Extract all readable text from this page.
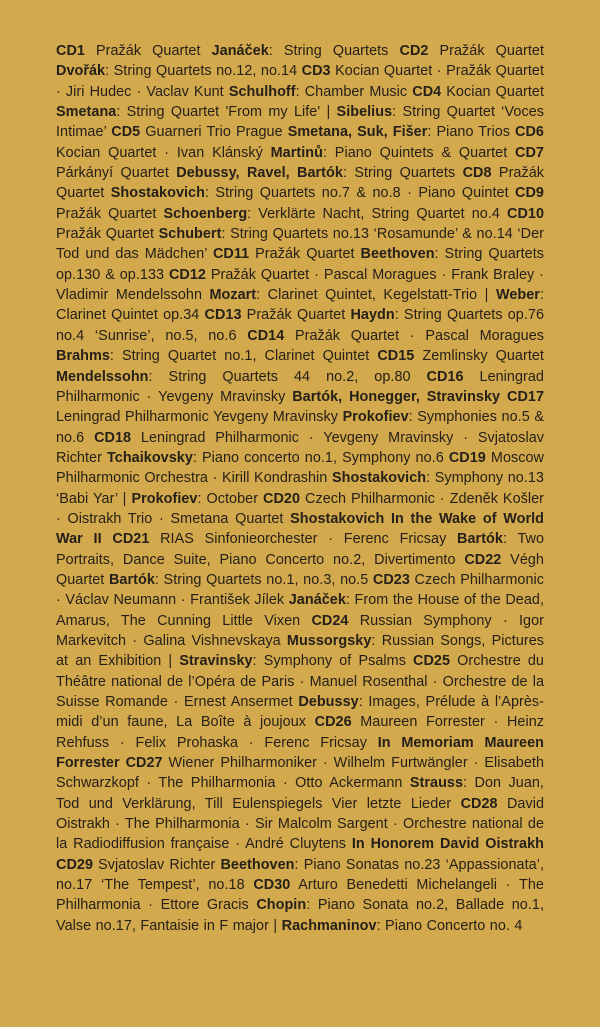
CD1 Pražák Quartet Janáček: String Quartets CD2 Pražák Quartet Dvořák: String Quartets no.12, no.14 CD3 Kocian Quartet · Pražák Quartet · Jiri Hudec · Vaclav Kunt Schulhoff: Chamber Music CD4 Kocian Quartet Smetana: String Quartet 'From my Life' | Sibelius: String Quartet ‘Voces Intimae’ CD5 Guarneri Trio Prague Smetana, Suk, Fišer: Piano Trios CD6 Kocian Quartet · Ivan Klánský Martinů: Piano Quintets & Quartet CD7 Párkányí Quartet Debussy, Ravel, Bartók: String Quartets CD8 Pražák Quartet Shostakovich: String Quartets no.7 & no.8 · Piano Quintet CD9 Pražák Quartet Schoenberg: Verklärte Nacht, String Quartet no.4 CD10 Pražák Quartet Schubert: String Quartets no.13 ‘Rosamunde’ & no.14 ‘Der Tod und das Mädchen’ CD11 Pražák Quartet Beethoven: String Quartets op.130 & op.133 CD12 Pražák Quartet · Pascal Moragues · Frank Braley · Vladimir Mendelssohn Mozart: Clarinet Quintet, Kegelstatt-Trio | Weber: Clarinet Quintet op.34 CD13 Pražák Quartet Haydn: String Quartets op.76 no.4 ‘Sunrise’, no.5, no.6 CD14 Pražák Quartet · Pascal Moragues Brahms: String Quartet no.1, Clarinet Quintet CD15 Zemlinsky Quartet Mendelssohn: String Quartets 44 no.2, op.80 CD16 Leningrad Philharmonic · Yevgeny Mravinsky Bartók, Honegger, Stravinsky CD17 Leningrad Philharmonic Yevgeny Mravinsky Prokofiev: Symphonies no.5 & no.6 CD18 Leningrad Philharmonic · Yevgeny Mravinsky · Svjatoslav Richter Tchaikovsky: Piano concerto no.1, Symphony no.6 CD19 Moscow Philharmonic Orchestra · Kirill Kondrashin Shostakovich: Symphony no.13 ‘Babi Yar’ | Prokofiev: October CD20 Czech Philharmonic · Zdeněk Košler · Oistrakh Trio · Smetana Quartet Shostakovich In the Wake of World War II CD21 RIAS Sinfonieorchester · Ferenc Fricsay Bartók: Two Portraits, Dance Suite, Piano Concerto no.2, Divertimento CD22 Végh Quartet Bartók: String Quartets no.1, no.3, no.5 CD23 Czech Philharmonic · Václav Neumann · František Jílek Janáček: From the House of the Dead, Amarus, The Cunning Little Vixen CD24 Russian Symphony · Igor Markevitch · Galina Vishnevskaya Mussorgsky: Russian Songs, Pictures at an Exhibition | Stravinsky: Symphony of Psalms CD25 Orchestre du Théâtre national de l’Opéra de Paris · Manuel Rosenthal · Orchestre de la Suisse Romande · Ernest Ansermet Debussy: Images, Prélude à l’Après-midi d’un faune, La Boîte à joujoux CD26 Maureen Forrester · Heinz Rehfuss · Felix Prohaska · Ferenc Fricsay In Memoriam Maureen Forrester CD27 Wiener Philharmoniker · Wilhelm Furtwängler · Elisabeth Schwarzkopf · The Philharmonia · Otto Ackermann Strauss: Don Juan, Tod und Verklärung, Till Eulenspiegels Vier letzte Lieder CD28 David Oistrakh · The Philharmonia · Sir Malcolm Sargent · Orchestre national de la Radiodiffusion française · André Cluytens In Honorem David Oistrakh CD29 Svjatoslav Richter Beethoven: Piano Sonatas no.23 ‘Appassionata’, no.17 ‘The Tempest’, no.18 CD30 Arturo Benedetti Michelangeli · The Philharmonia · Ettore Gracis Chopin: Piano Sonata no.2, Ballade no.1, Valse no.17, Fantaisie in F major | Rachmaninov: Piano Concerto no. 4
